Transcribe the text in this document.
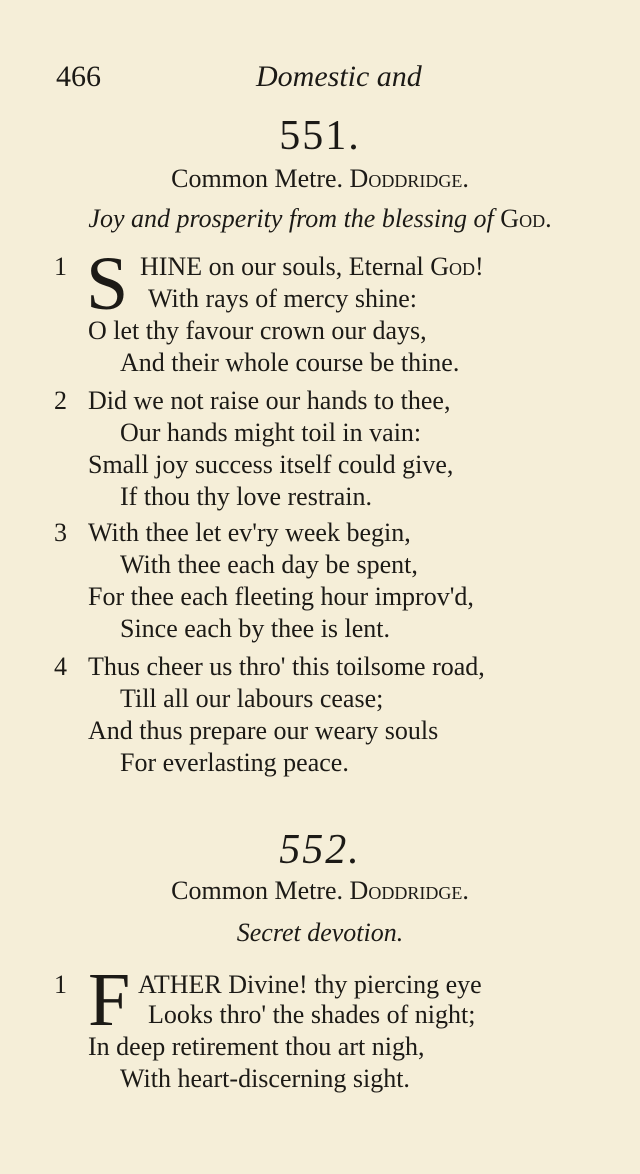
466	Domestic and
551.
Common Metre. Doddridge.
Joy and prosperity from the blessing of God.
1 S HINE on our souls, Eternal God!
With rays of mercy shine:
O let thy favour crown our days,
And their whole course be thine.
2 Did we not raise our hands to thee,
Our hands might toil in vain:
Small joy success itself could give,
If thou thy love restrain.
3 With thee let ev'ry week begin,
With thee each day be spent,
For thee each fleeting hour improv'd,
Since each by thee is lent.
4 Thus cheer us thro' this toilsome road,
Till all our labours cease;
And thus prepare our weary souls
For everlasting peace.
552.
Common Metre. Doddridge.
Secret devotion.
1 F ATHER Divine! thy piercing eye
Looks thro' the shades of night;
In deep retirement thou art nigh,
With heart-discerning sight.
